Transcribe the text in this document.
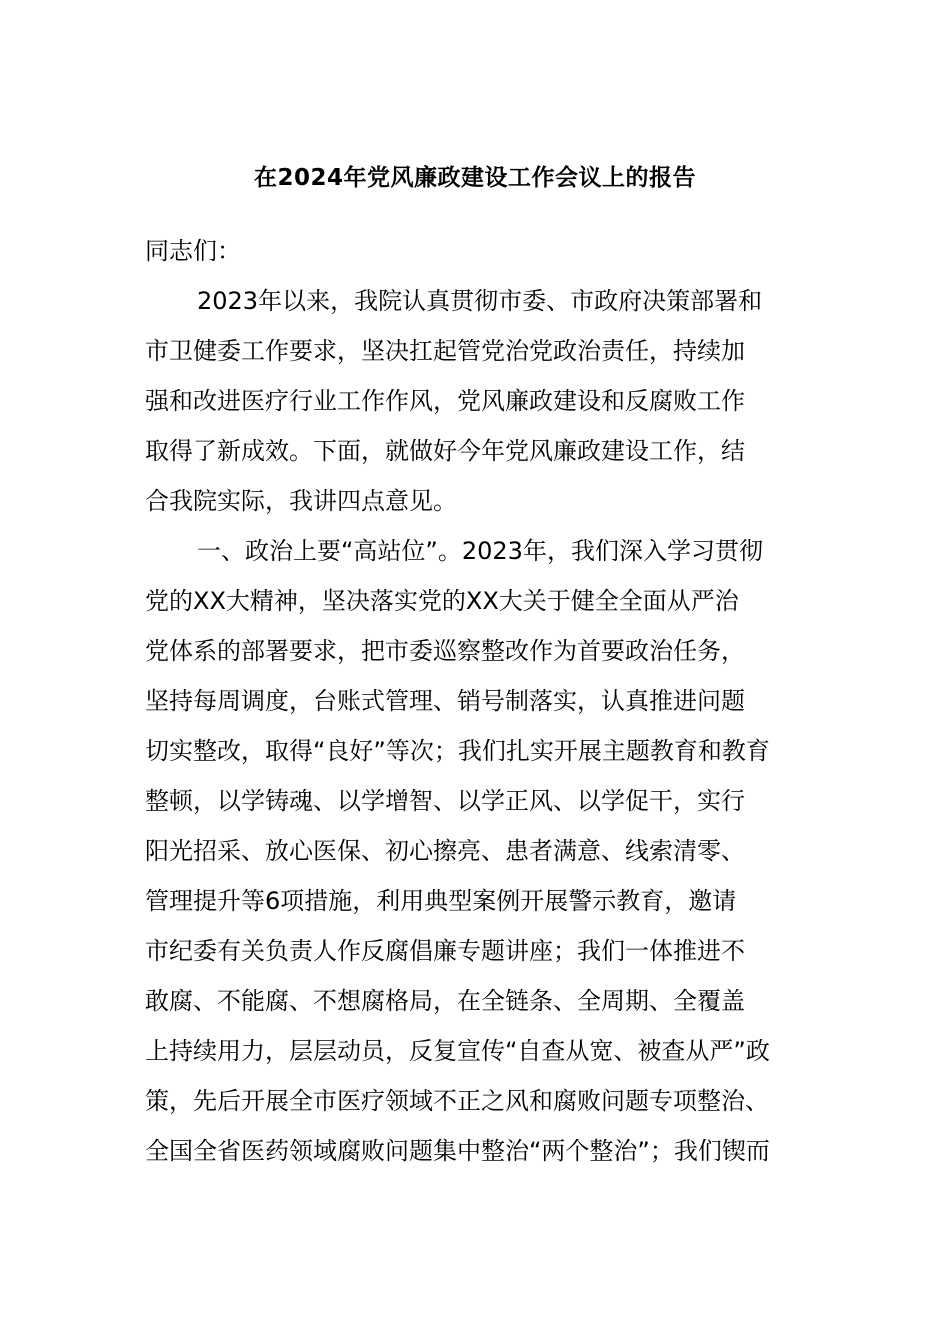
在2024年党风廉政建设工作会议上的报告
同志们：
2023年以来，我院认真贯彻市委、市政府决策部署和
市卫健委工作要求，坚决扛起管党治党政治责任，持续加
强和改进医疗行业工作作风，党风廉政建设和反腐败工作
取得了新成效。下面，就做好今年党风廉政建设工作，结
合我院实际，我讲四点意见。
一、政治上要“高站位”。2023年，我们深入学习贯彻
党的XX大精神，坚决落实党的XX大关于健全全面从严治
党体系的部署要求，把市委巡察整改作为首要政治任务，
坚持每周调度，台账式管理、销号制落实，认真推进问题
切实整改，取得“良好”等次；我们扎实开展主题教育和教育
整顿，以学铸魂、以学增智、以学正风、以学促干，实行
阳光招采、放心医保、初心擦亮、患者满意、线索清零、
管理提升等6项措施，利用典型案例开展警示教育，邀请
市纪委有关负责人作反腐倡廉专题讲座；我们一体推进不
敢腐、不能腐、不想腐格局，在全链条、全周期、全覆盖
上持续用力，层层动员，反复宣传“自查从宽、被查从严”政
策，先后开展全市医疗领域不正之风和腐败问题专项整治、
全国全省医药领域腐败问题集中整治“两个整治”；我们锲而
